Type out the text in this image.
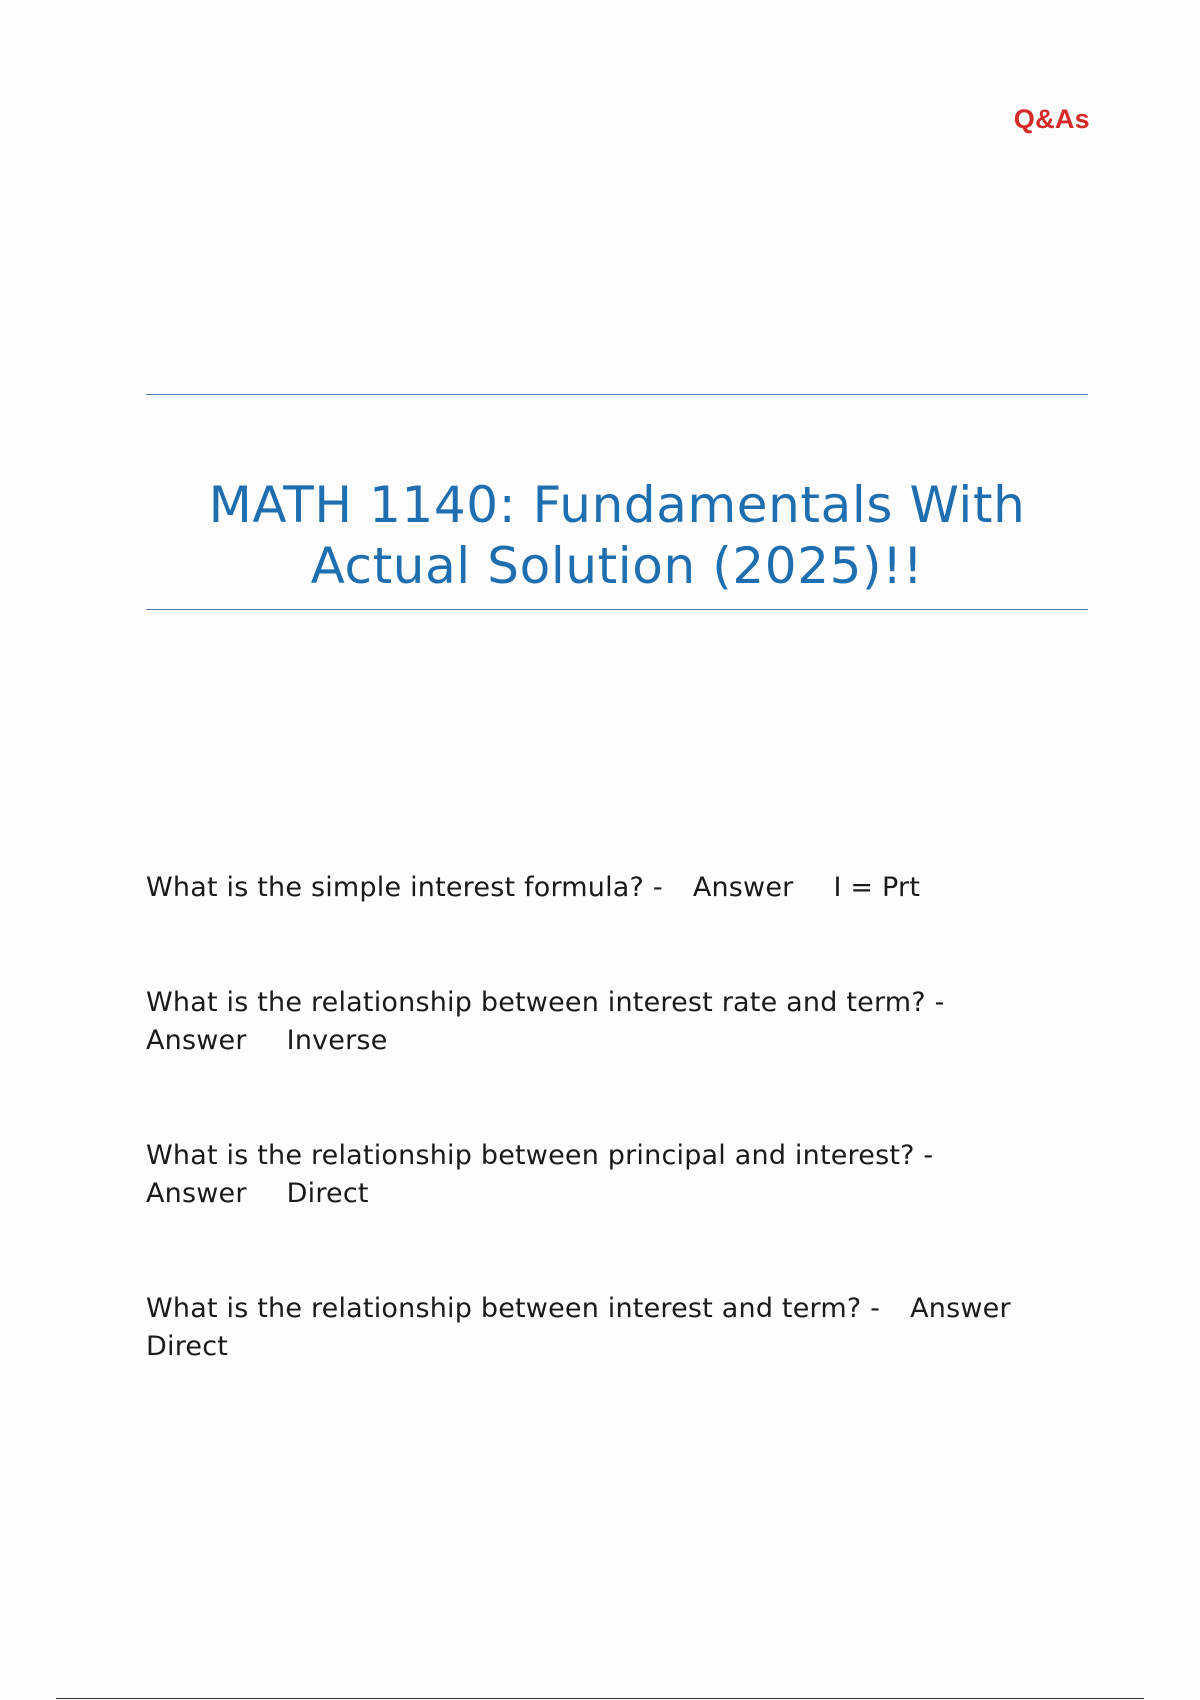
Q&As
MATH 1140: Fundamentals With
Actual Solution (2025)!!
What is the simple interest formula? - Answer I = Prt
What is the relationship between interest rate and term? -
Answer Inverse
What is the relationship between principal and interest? -
Answer Direct
What is the relationship between interest and term? - Answer
Direct
